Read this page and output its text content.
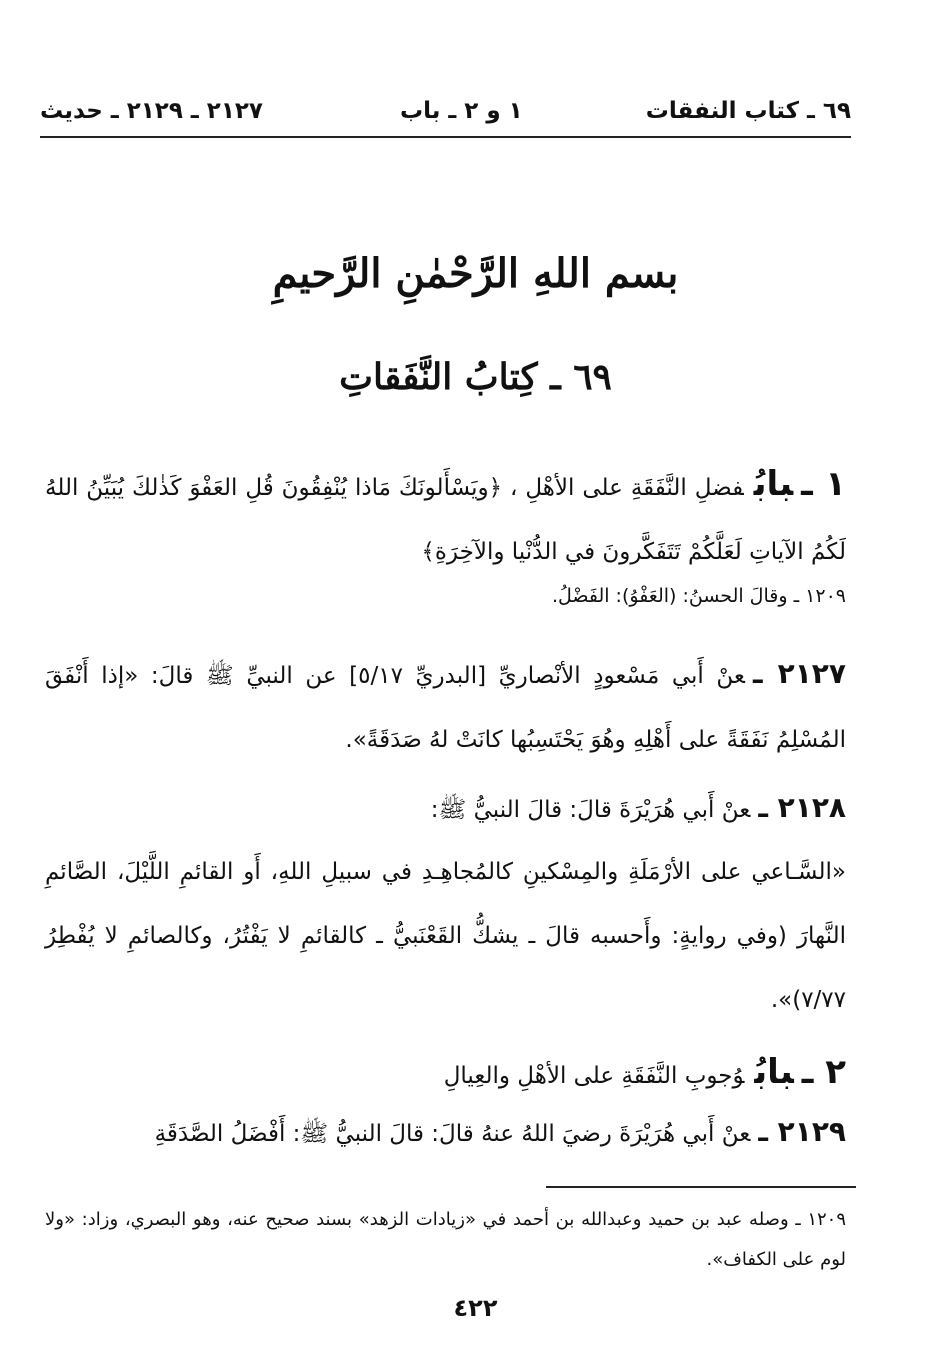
٦٩ ـ كتاب النفقات
١ و ٢ ـ باب
٢١٢٧ ـ ٢١٢٩ ـ حديث
بسم اللهِ الرَّحْمٰنِ الرَّحيمِ
٦٩ ـ كِتابُ النَّفَقاتِ
١ ـبابُفضلِ النَّفَقَةِ على الأهْلِ ، ﴿ويَسْأَلونَكَ مَاذا يُنْفِقُونَ قُلِ العَفْوَ كَذٰلكَ يُبَيِّنُ اللهُ لَكُمُ الآياتِ لَعَلَّكُمْ تَتَفَكَّرونَ في الدُّنْيا والآخِرَةِ﴾
١٢٠٩ ـ وقالَ الحسنُ: (العَفْوُ): الفَضْلُ.
٢١٢٧ ـعنْ أَبي مَسْعودٍ الأنْصاريِّ [البدريِّ ٥/١٧] عن النبيِّ ﷺ قالَ: «إذا أَنْفَقَ المُسْلِمُ نَفَقَةً على أَهْلِهِ وهُوَ يَحْتَسِبُها كانَتْ لهُ صَدَقَةً».
٢١٢٨ ـعنْ أَبي هُرَيْرَةَ قالَ: قالَ النبيُّ ﷺ:
«السَّـاعي على الأرْمَلَةِ والمِسْكينِ كالمُجاهِـدِ في سبيلِ اللهِ، أَو القائمِ اللَّيْلَ، الصَّائمِ النَّهارَ (وفي روايةٍ: وأَحسبه قالَ ـ يشكُّ القَعْنَبيُّ ـ كالقائمِ لا يَفْتُرُ، وكالصائمِ لا يُفْطِرُ ٧/٧٧)».
٢ ـبابُوُجوبِ النَّفَقَةِ على الأهْلِ والعِيالِ
٢١٢٩ ـعنْ أَبي هُرَيْرَةَ رضيَ اللهُ عنهُ قالَ: قالَ النبيُّ ﷺ: أَفْضَلُ الصَّدَقَةِ
١٢٠٩ ـ وصله عبد بن حميد وعبدالله بن أحمد في «زيادات الزهد» بسند صحيح عنه، وهو البصري، وزاد: «ولا لوم على الكفاف».
٤٢٢
